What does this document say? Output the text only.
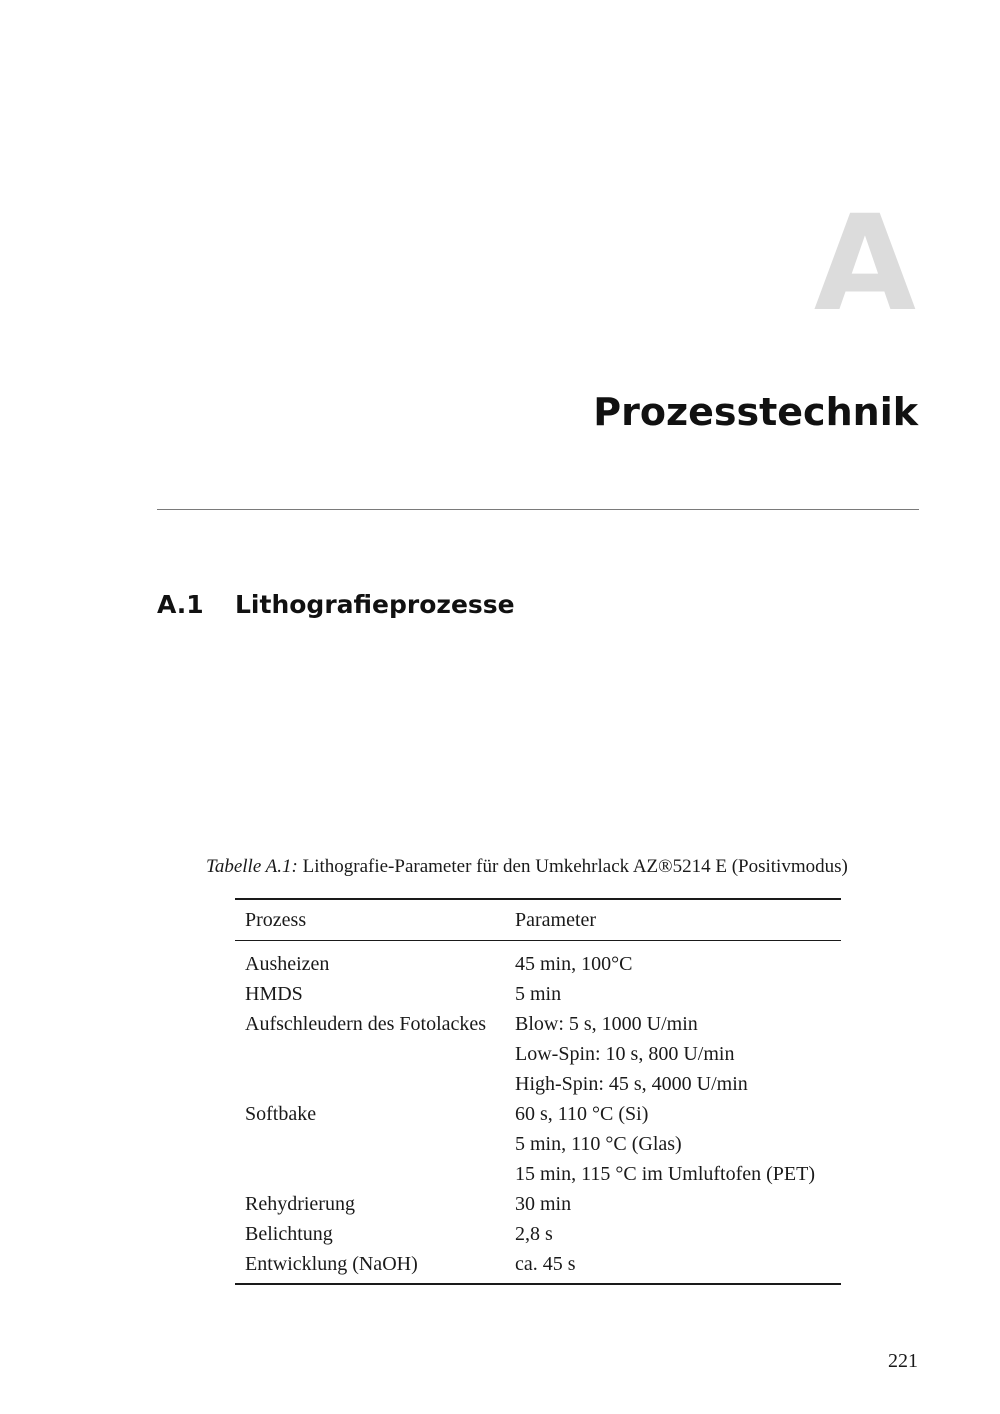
A
Prozesstechnik
A.1 Lithografieprozesse
Tabelle A.1: Lithografie-Parameter für den Umkehrlack AZ®5214 E (Positivmodus)
Prozess	Parameter
Ausheizen	45 min, 100°C
HMDS	5 min
Aufschleudern des Fotolackes	Blow: 5 s, 1000 U/min
	Low-Spin: 10 s, 800 U/min
	High-Spin: 45 s, 4000 U/min
Softbake	60 s, 110 °C (Si)
	5 min, 110 °C (Glas)
	15 min, 115 °C im Umluftofen (PET)
Rehydrierung	30 min
Belichtung	2,8 s
Entwicklung (NaOH)	ca. 45 s
221
